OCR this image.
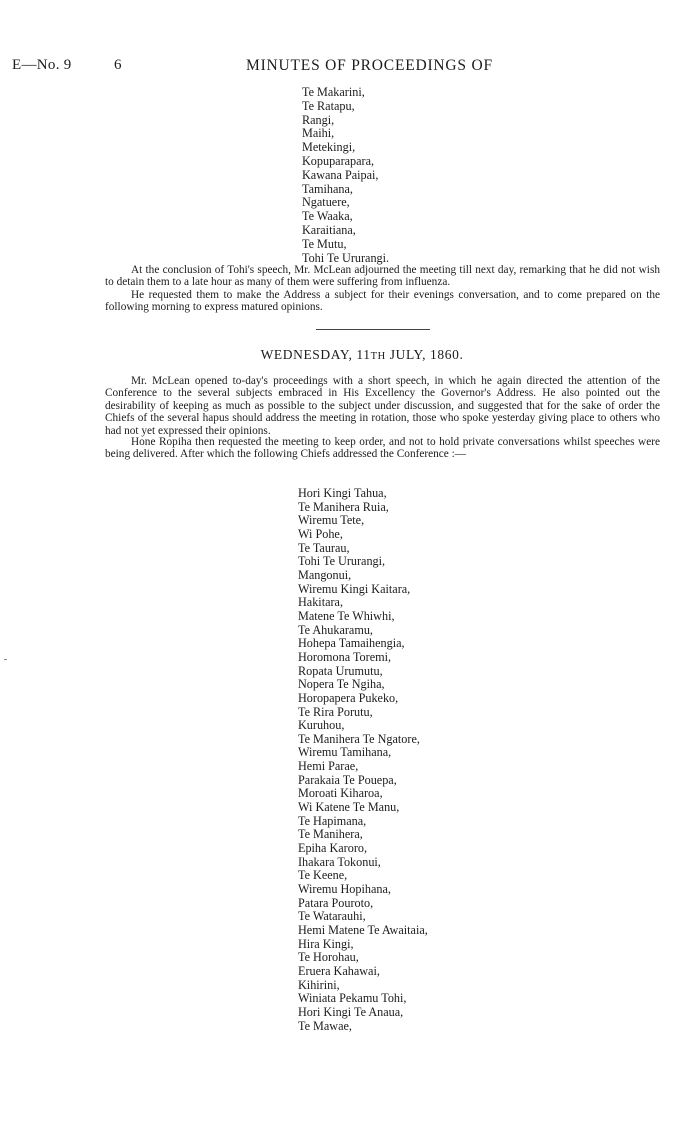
E—No. 9	6	MINUTES OF PROCEEDINGS OF
Te Makarini,
Te Ratapu,
Rangi,
Maihi,
Metekingi,
Kopuparapara,
Kawana Paipai,
Tamihana,
Ngatuere,
Te Waaka,
Karaitiana,
Te Mutu,
Tohi Te Ururangi.

At the conclusion of Tohi's speech, Mr. McLean adjourned the meeting till next day, remarking that he did not wish to detain them to a late hour as many of them were suffering from influenza.

He requested them to make the Address a subject for their evenings conversation, and to come prepared on the following morning to express matured opinions.

WEDNESDAY, 11TH JULY, 1860.

Mr. McLean opened to-day's proceedings with a short speech, in which he again directed the attention of the Conference to the several subjects embraced in His Excellency the Governor's Address. He also pointed out the desirability of keeping as much as possible to the subject under discussion, and suggested that for the sake of order the Chiefs of the several hapus should address the meeting in rotation, those who spoke yesterday giving place to others who had not yet expressed their opinions.

Hone Ropiha then requested the meeting to keep order, and not to hold private conversations whilst speeches were being delivered. After which the following Chiefs addressed the Conference :—

Hori Kingi Tahua,
Te Manihera Ruia,
Wiremu Tete,
Wi Pohe,
Te Taurau,
Tohi Te Ururangi,
Mangonui,
Wiremu Kingi Kaitara,
Hakitara,
Matene Te Whiwhi,
Te Ahukaramu,
Hohepa Tamaihengia,
Horomona Toremi,
Ropata Urumutu,
Nopera Te Ngiha,
Horopapera Pukeko,
Te Rira Porutu,
Kuruhou,
Te Manihera Te Ngatore,
Wiremu Tamihana,
Hemi Parae,
Parakaia Te Pouepa,
Moroati Kiharoa,
Wi Katene Te Manu,
Te Hapimana,
Te Manihera,
Epiha Karoro,
Ihakara Tokonui,
Te Keene,
Wiremu Hopihana,
Patara Pouroto,
Te Watarauhi,
Hemi Matene Te Awaitaia,
Hira Kingi,
Te Horohau,
Eruera Kahawai,
Kihirini,
Winiata Pekamu Tohi,
Hori Kingi Te Anaua,
Te Mawae,
